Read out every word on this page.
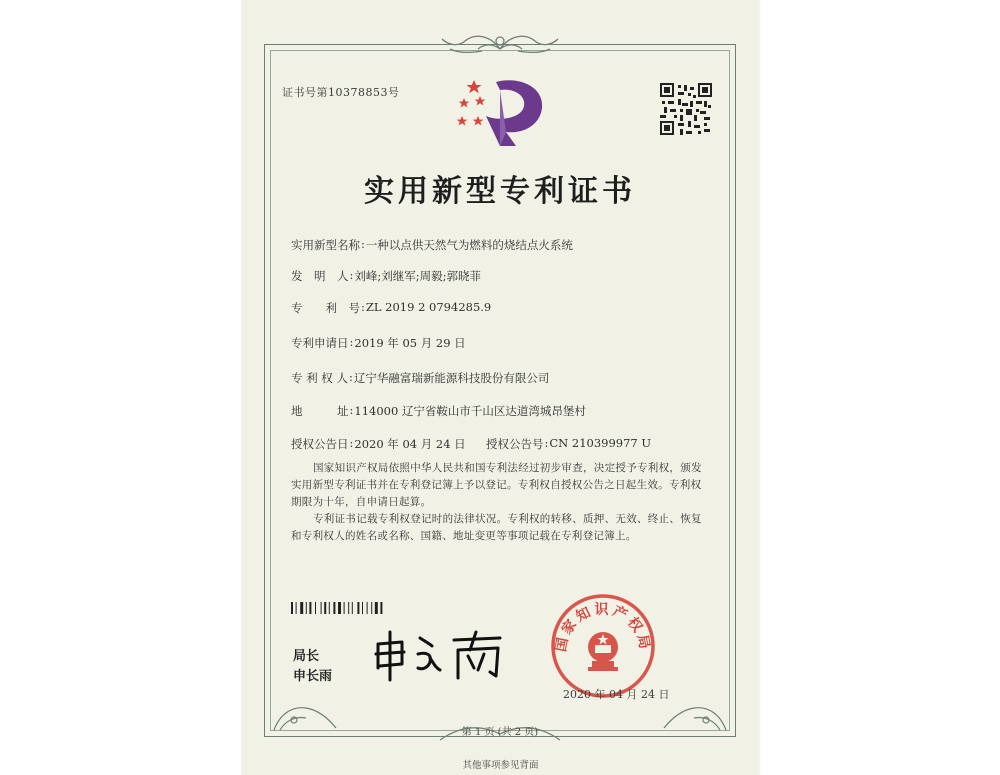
证书号第10378853号
实用新型专利证书
实用新型名称 : 一种以点供天然气为燃料的烧结点火系统
发　明　人 : 刘峰;刘继军;周毅;郭晓菲
专　　利　号 : ZL 2019 2 0794285.9
专利申请日 : 2019 年 05 月 29 日
专 利 权 人 : 辽宁华融富瑞新能源科技股份有限公司
地　　　址 : 114000 辽宁省鞍山市千山区达道湾城昂堡村
授权公告日 : 2020 年 04 月 24 日 授权公告号 : CN 210399977 U
国家知识产权局依照中华人民共和国专利法经过初步审查，决定授予专利权，颁发实用新型专利证书并在专利登记簿上予以登记。专利权自授权公告之日起生效。专利权期限为十年，自申请日起算。
专利证书记载专利权登记时的法律状况。专利权的转移、质押、无效、终止、恢复和专利权人的姓名或名称、国籍、地址变更等事项记载在专利登记簿上。
局长
申长雨
国家知识产权局
2020 年 04 月 24 日
第 1 页 (共 2 页)
其他事项参见背面
